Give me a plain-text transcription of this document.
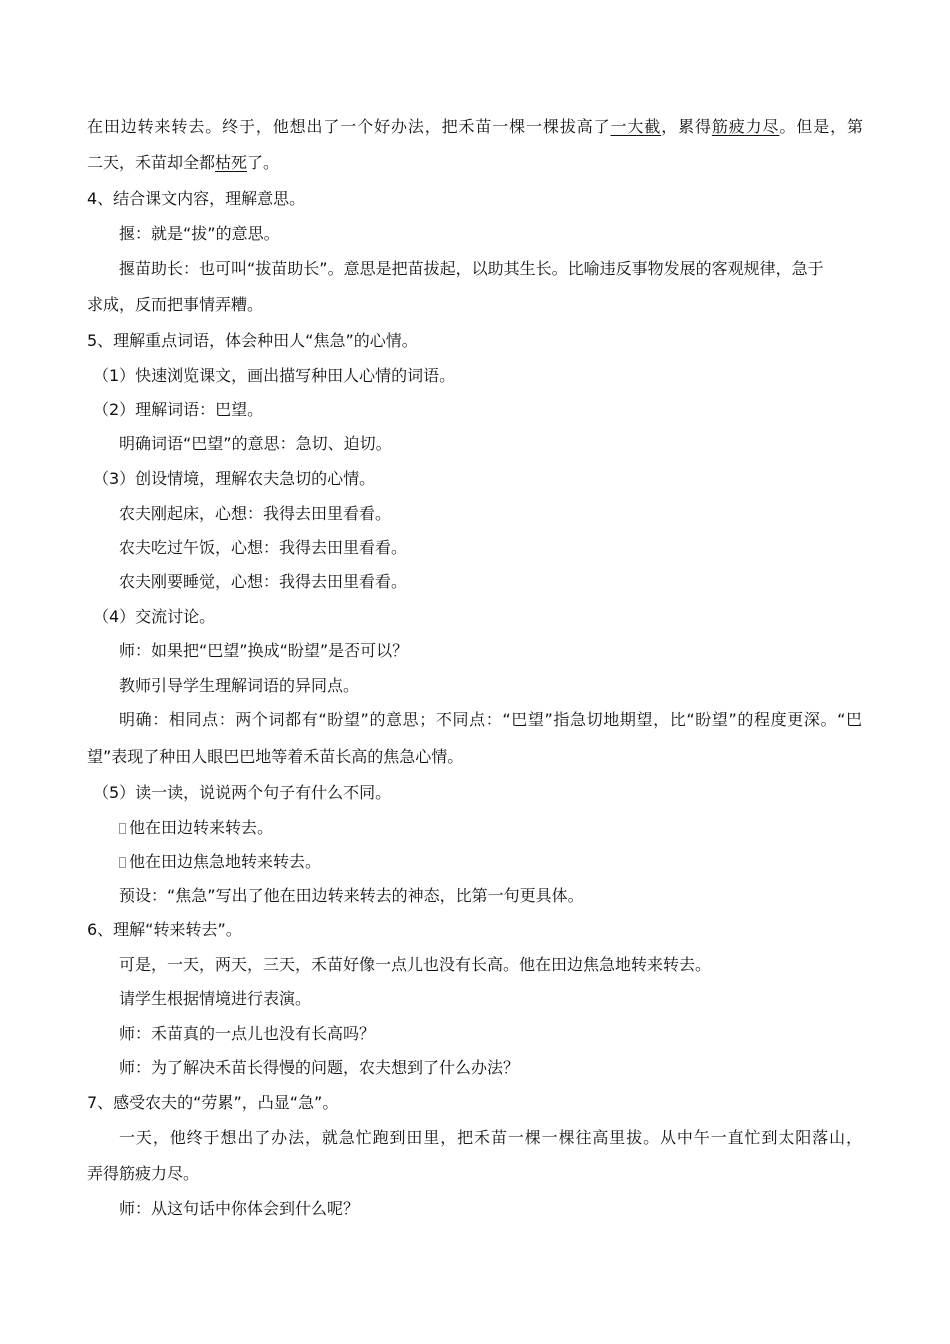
在田边转来转去。终于，他想出了一个好办法，把禾苗一棵一棵拔高了一大截，累得筋疲力尽。但是，第

二天，禾苗却全都枯死了。

4、结合课文内容，理解意思。

揠：就是“拔”的意思。

揠苗助长：也可叫“拔苗助长”。意思是把苗拔起，以助其生长。比喻违反事物发展的客观规律，急于

求成，反而把事情弄糟。

5、理解重点词语，体会种田人“焦急”的心情。

（1）快速浏览课文，画出描写种田人心情的词语。

（2）理解词语：巴望。

明确词语“巴望”的意思：急切、迫切。

（3）创设情境，理解农夫急切的心情。

农夫刚起床，心想：我得去田里看看。

农夫吃过午饭，心想：我得去田里看看。

农夫刚要睡觉，心想：我得去田里看看。

（4）交流讨论。

师：如果把“巴望”换成“盼望”是否可以？

教师引导学生理解词语的异同点。

明确：相同点：两个词都有“盼望”的意思；不同点：“巴望”指急切地期望，比“盼望”的程度更深。“巴

望”表现了种田人眼巴巴地等着禾苗长高的焦急心情。

（5）读一读，说说两个句子有什么不同。

他在田边转来转去。

他在田边焦急地转来转去。

预设：“焦急”写出了他在田边转来转去的神态，比第一句更具体。

6、理解“转来转去”。

可是，一天，两天，三天，禾苗好像一点儿也没有长高。他在田边焦急地转来转去。

请学生根据情境进行表演。

师：禾苗真的一点儿也没有长高吗？

师：为了解决禾苗长得慢的问题，农夫想到了什么办法？

7、感受农夫的“劳累”，凸显“急”。

一天，他终于想出了办法，就急忙跑到田里，把禾苗一棵一棵往高里拔。从中午一直忙到太阳落山，

弄得筋疲力尽。

师：从这句话中你体会到什么呢？
